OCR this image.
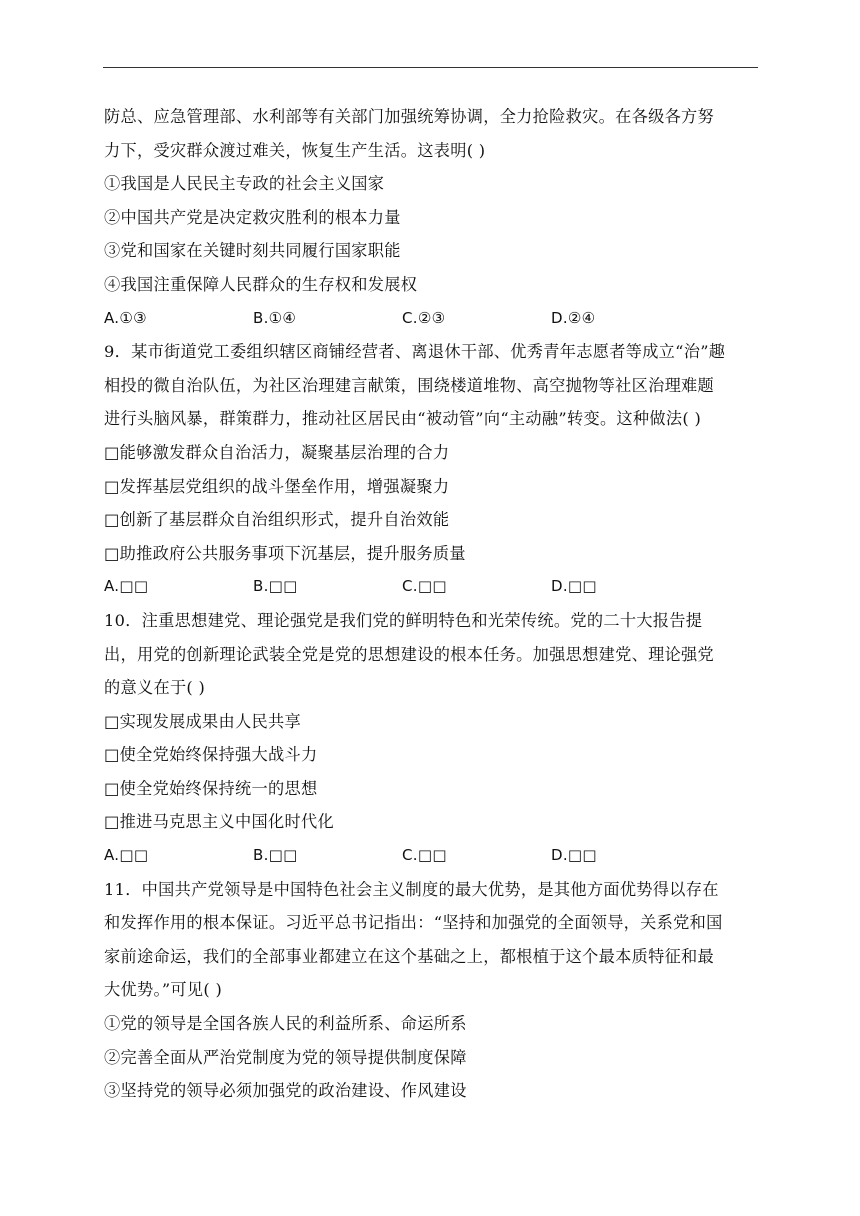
防总、应急管理部、水利部等有关部门加强统筹协调，全力抢险救灾。在各级各方努
力下，受灾群众渡过难关，恢复生产生活。这表明( )
①我国是人民民主专政的社会主义国家
②中国共产党是决定救灾胜利的根本力量
③党和国家在关键时刻共同履行国家职能
④我国注重保障人民群众的生存权和发展权
A.①③	B.①④	C.②③	D.②④
9．某市街道党工委组织辖区商铺经营者、离退休干部、优秀青年志愿者等成立“治”趣
相投的微自治队伍，为社区治理建言献策，围绕楼道堆物、高空抛物等社区治理难题
进行头脑风暴，群策群力，推动社区居民由“被动管”向“主动融”转变。这种做法( )
□能够激发群众自治活力，凝聚基层治理的合力
□发挥基层党组织的战斗堡垒作用，增强凝聚力
□创新了基层群众自治组织形式，提升自治效能
□助推政府公共服务事项下沉基层，提升服务质量
A.□□	B.□□	C.□□	D.□□
10．注重思想建党、理论强党是我们党的鲜明特色和光荣传统。党的二十大报告提
出，用党的创新理论武装全党是党的思想建设的根本任务。加强思想建党、理论强党
的意义在于( )
□实现发展成果由人民共享
□使全党始终保持强大战斗力
□使全党始终保持统一的思想
□推进马克思主义中国化时代化
A.□□	B.□□	C.□□	D.□□
11．中国共产党领导是中国特色社会主义制度的最大优势，是其他方面优势得以存在
和发挥作用的根本保证。习近平总书记指出：“坚持和加强党的全面领导，关系党和国
家前途命运，我们的全部事业都建立在这个基础之上，都根植于这个最本质特征和最
大优势。”可见( )
①党的领导是全国各族人民的利益所系、命运所系
②完善全面从严治党制度为党的领导提供制度保障
③坚持党的领导必须加强党的政治建设、作风建设
